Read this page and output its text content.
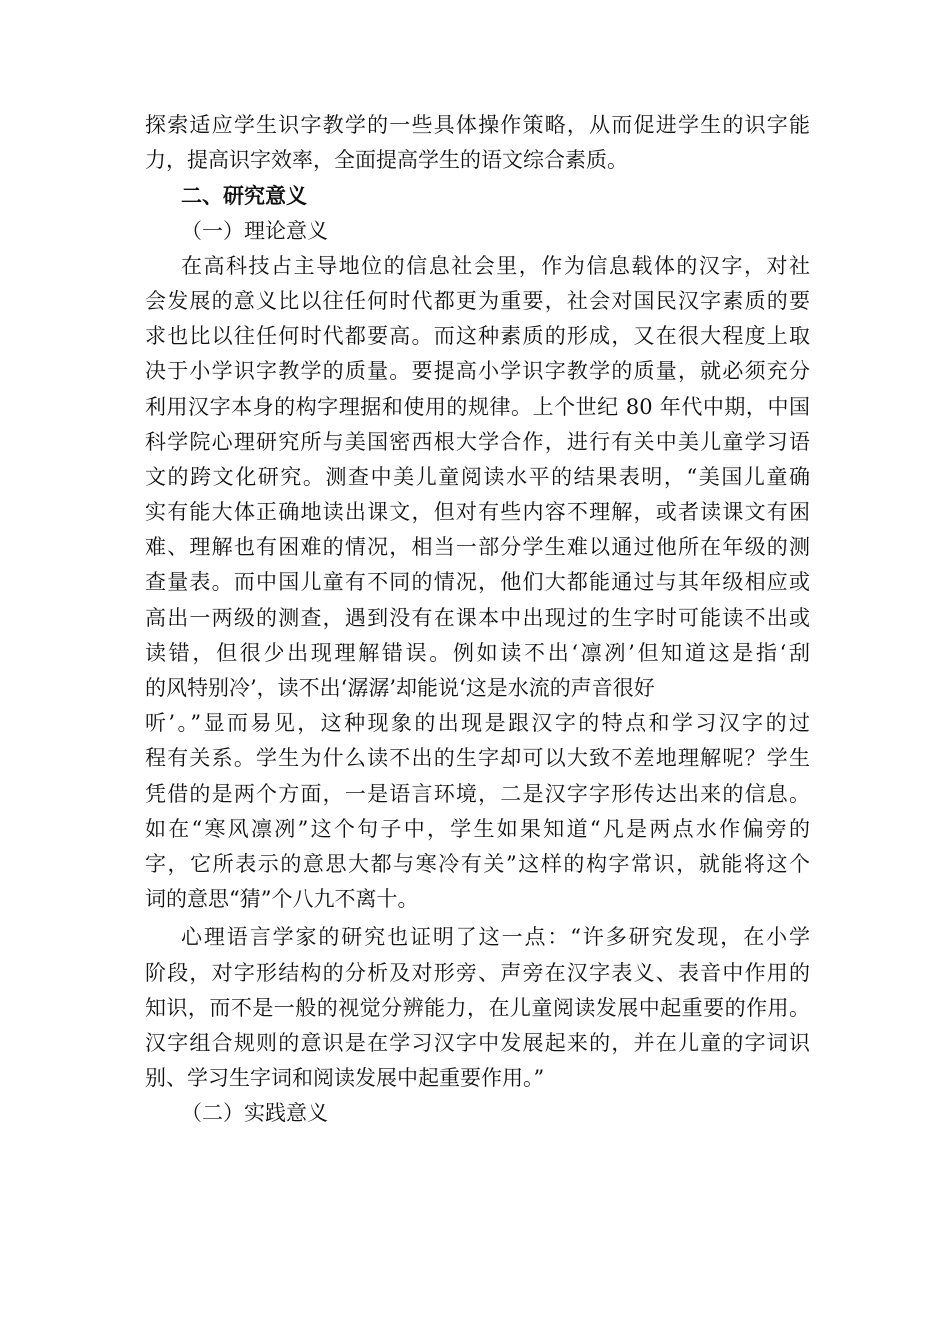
探索适应学生识字教学的一些具体操作策略，从而促进学生的识字能
力，提高识字效率，全面提高学生的语文综合素质。
二、研究意义
（一）理论意义
在高科技占主导地位的信息社会里，作为信息载体的汉字，对社
会发展的意义比以往任何时代都更为重要，社会对国民汉字素质的要
求也比以往任何时代都要高。而这种素质的形成，又在很大程度上取
决于小学识字教学的质量。要提高小学识字教学的质量，就必须充分
利用汉字本身的构字理据和使用的规律。上个世纪 80 年代中期，中国
科学院心理研究所与美国密西根大学合作，进行有关中美儿童学习语
文的跨文化研究。测查中美儿童阅读水平的结果表明，“美国儿童确
实有能大体正确地读出课文，但对有些内容不理解，或者读课文有困
难、理解也有困难的情况，相当一部分学生难以通过他所在年级的测
查量表。而中国儿童有不同的情况，他们大都能通过与其年级相应或
高出一两级的测查，遇到没有在课本中出现过的生字时可能读不出或
读错，但很少出现理解错误。例如读不出‘凛冽’但知道这是指‘刮
的风特别冷’，读不出‘潺潺’却能说‘这是水流的声音很好
听’。”显而易见，这种现象的出现是跟汉字的特点和学习汉字的过
程有关系。学生为什么读不出的生字却可以大致不差地理解呢？学生
凭借的是两个方面，一是语言环境，二是汉字字形传达出来的信息。
如在“寒风凛冽”这个句子中，学生如果知道“凡是两点水作偏旁的
字，它所表示的意思大都与寒冷有关”这样的构字常识，就能将这个
词的意思“猜”个八九不离十。
心理语言学家的研究也证明了这一点：“许多研究发现，在小学
阶段，对字形结构的分析及对形旁、声旁在汉字表义、表音中作用的
知识，而不是一般的视觉分辨能力，在儿童阅读发展中起重要的作用。
汉字组合规则的意识是在学习汉字中发展起来的，并在儿童的字词识
别、学习生字词和阅读发展中起重要作用。”
（二）实践意义
